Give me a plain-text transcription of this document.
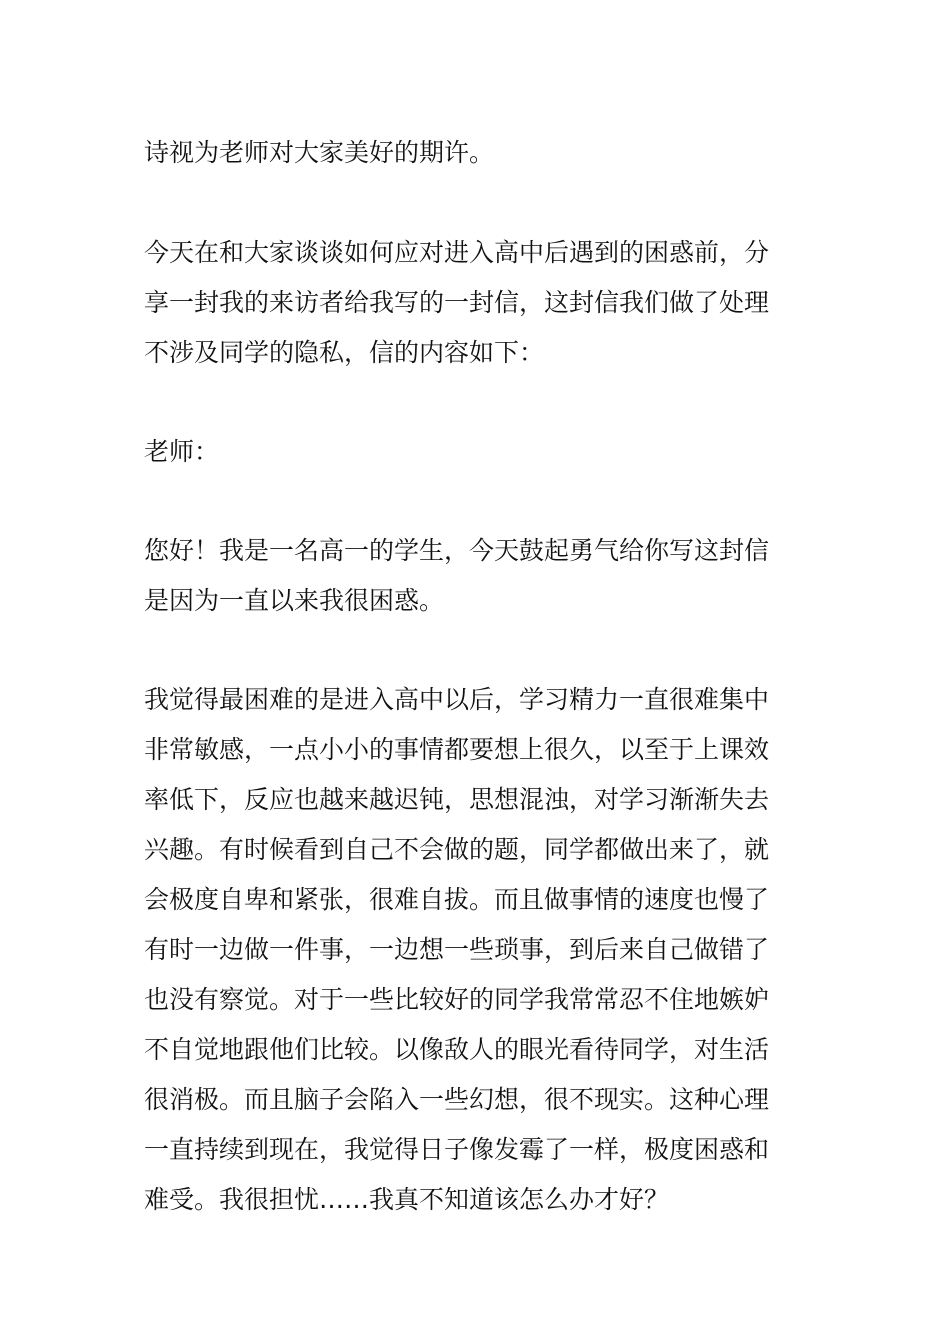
诗视为老师对大家美好的期许。
今天在和大家谈谈如何应对进入高中后遇到的困惑前，分
享一封我的来访者给我写的一封信，这封信我们做了处理
不涉及同学的隐私，信的内容如下：
老师：
您好！我是一名高一的学生，今天鼓起勇气给你写这封信
是因为一直以来我很困惑。
我觉得最困难的是进入高中以后，学习精力一直很难集中
非常敏感，一点小小的事情都要想上很久，以至于上课效
率低下，反应也越来越迟钝，思想混浊，对学习渐渐失去
兴趣。有时候看到自己不会做的题，同学都做出来了，就
会极度自卑和紧张，很难自拔。而且做事情的速度也慢了
有时一边做一件事，一边想一些琐事，到后来自己做错了
也没有察觉。对于一些比较好的同学我常常忍不住地嫉妒
不自觉地跟他们比较。以像敌人的眼光看待同学，对生活
很消极。而且脑子会陷入一些幻想，很不现实。这种心理
一直持续到现在，我觉得日子像发霉了一样，极度困惑和
难受。我很担忧……我真不知道该怎么办才好？
